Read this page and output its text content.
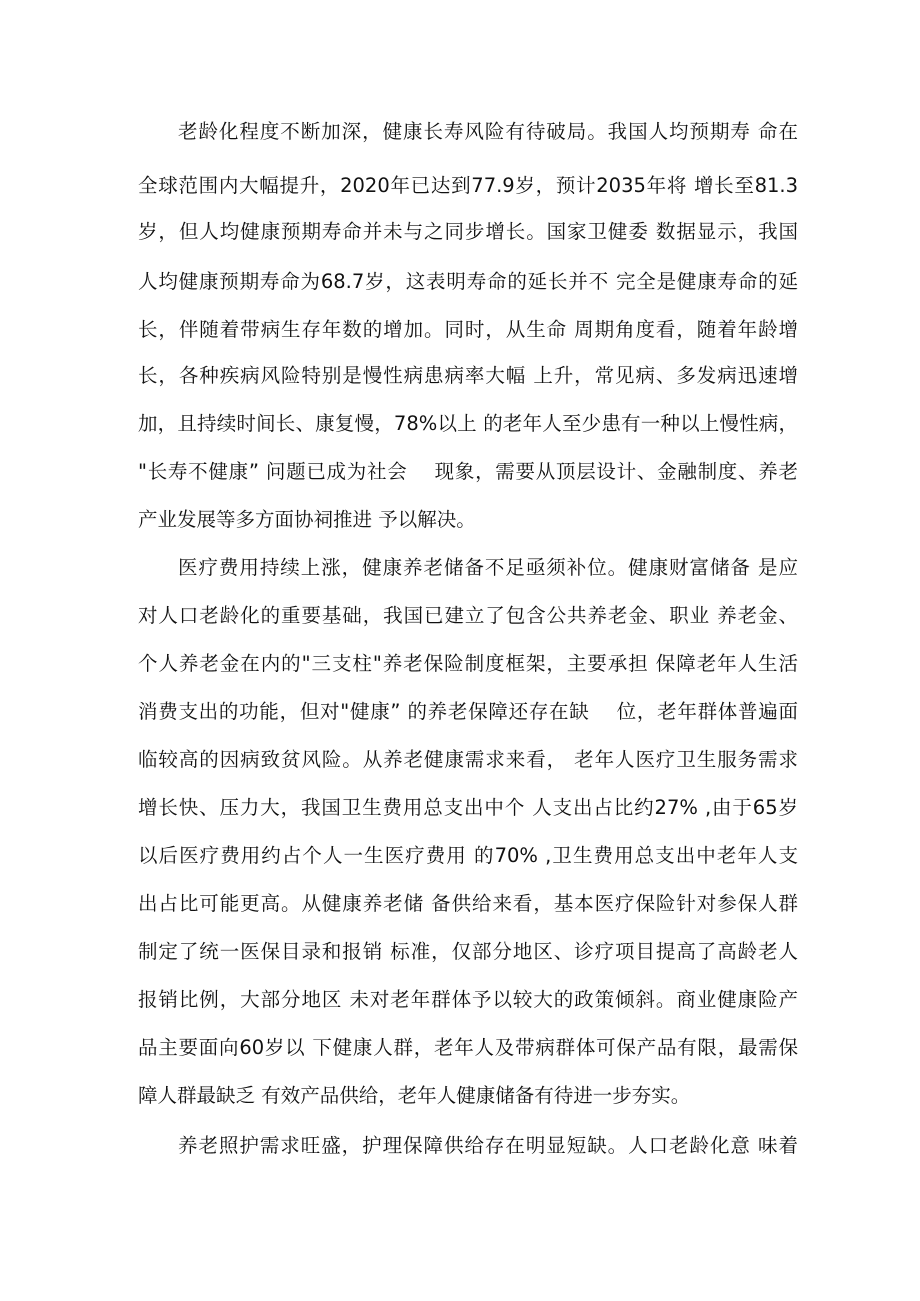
老龄化程度不断加深，健康长寿风险有待破局。我国人均预期寿 命在
全球范围内大幅提升，2020年已达到77.9岁，预计2035年将 增长至81.3
岁，但人均健康预期寿命并未与之同步增长。国家卫健委 数据显示，我国
人均健康预期寿命为68.7岁，这表明寿命的延长并不 完全是健康寿命的延
长，伴随着带病生存年数的增加。同时，从生命 周期角度看，随着年龄增
长，各种疾病风险特别是慢性病患病率大幅 上升，常见病、多发病迅速增
加，且持续时间长、康复慢，78%以上 的老年人至少患有一种以上慢性病，
"长寿不健康” 问题已成为社会　 现象，需要从顶层设计、金融制度、养老
产业发展等多方面协祠推进 予以解决。
医疗费用持续上涨，健康养老储备不足亟须补位。健康财富储备 是应
对人口老龄化的重要基础，我国已建立了包含公共养老金、职业 养老金、
个人养老金在内的"三支柱"养老保险制度框架，主要承担 保障老年人生活
消费支出的功能，但对"健康” 的养老保障还存在缺　 位，老年群体普遍面
临较高的因病致贫风险。从养老健康需求来看， 老年人医疗卫生服务需求
增长快、压力大，我国卫生费用总支出中个 人支出占比约27% ,由于65岁
以后医疗费用约占个人一生医疗费用 的70% ,卫生费用总支出中老年人支
出占比可能更高。从健康养老储 备供给来看，基本医疗保险针对参保人群
制定了统一医保目录和报销 标准，仅部分地区、诊疗项目提高了高龄老人
报销比例，大部分地区 未对老年群体予以较大的政策倾斜。商业健康险产
品主要面向60岁以 下健康人群，老年人及带病群体可保产品有限，最需保
障人群最缺乏 有效产品供给，老年人健康储备有待进一步夯实。
养老照护需求旺盛，护理保障供给存在明显短缺。人口老龄化意 味着
